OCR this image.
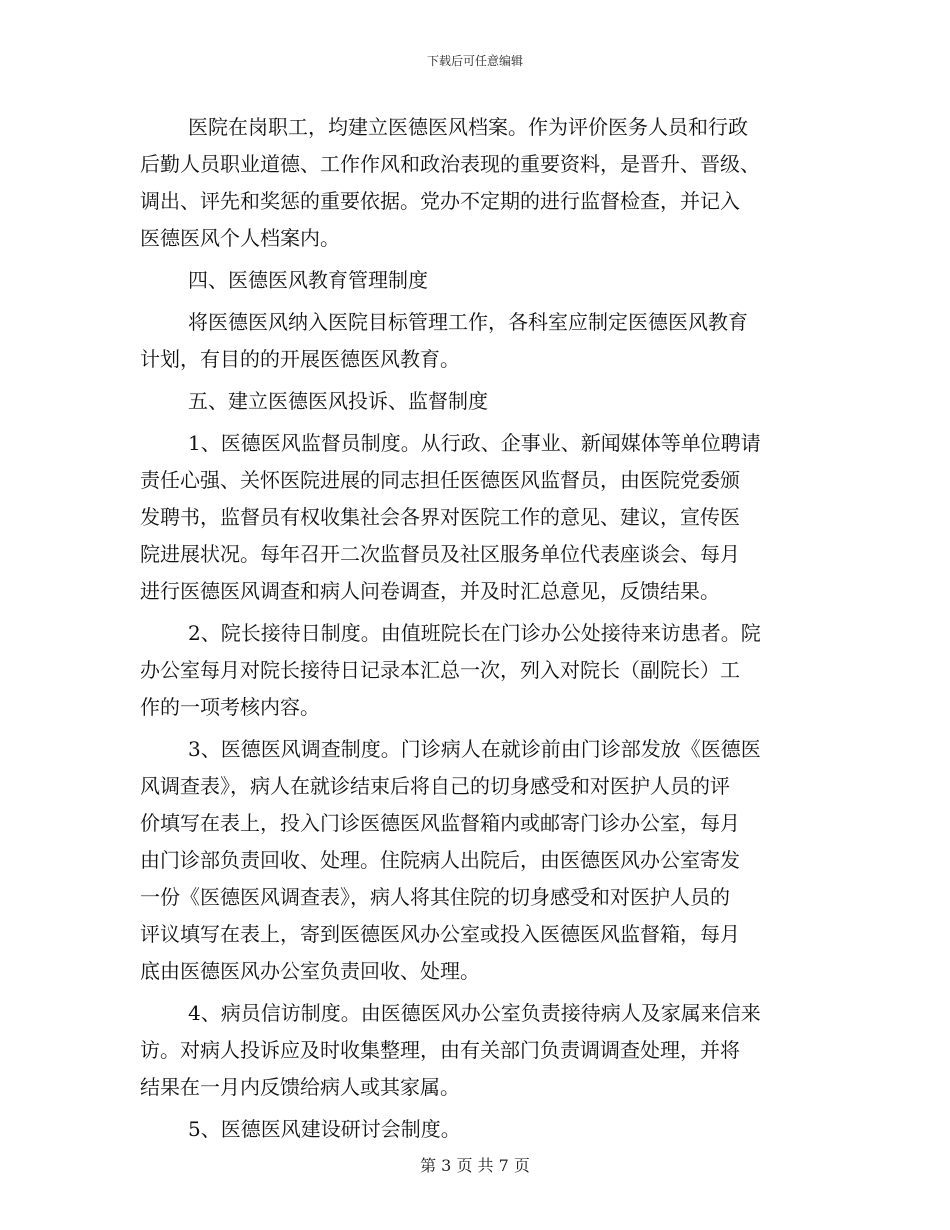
下载后可任意编辑
医院在岗职工，均建立医德医风档案。作为评价医务人员和行政
后勤人员职业道德、工作作风和政治表现的重要资料，是晋升、晋级、
调出、评先和奖惩的重要依据。党办不定期的进行监督检查，并记入
医德医风个人档案内。
四、医德医风教育管理制度
将医德医风纳入医院目标管理工作，各科室应制定医德医风教育
计划，有目的的开展医德医风教育。
五、建立医德医风投诉、监督制度
1、医德医风监督员制度。从行政、企事业、新闻媒体等单位聘请
责任心强、关怀医院进展的同志担任医德医风监督员，由医院党委颁
发聘书，监督员有权收集社会各界对医院工作的意见、建议，宣传医
院进展状况。每年召开二次监督员及社区服务单位代表座谈会、每月
进行医德医风调查和病人问卷调查，并及时汇总意见，反馈结果。
2、院长接待日制度。由值班院长在门诊办公处接待来访患者。院
办公室每月对院长接待日记录本汇总一次，列入对院长（副院长）工
作的一项考核内容。
3、医德医风调查制度。门诊病人在就诊前由门诊部发放《医德医
风调查表》，病人在就诊结束后将自己的切身感受和对医护人员的评
价填写在表上，投入门诊医德医风监督箱内或邮寄门诊办公室，每月
由门诊部负责回收、处理。住院病人出院后，由医德医风办公室寄发
一份《医德医风调查表》，病人将其住院的切身感受和对医护人员的
评议填写在表上，寄到医德医风办公室或投入医德医风监督箱，每月
底由医德医风办公室负责回收、处理。
4、病员信访制度。由医德医风办公室负责接待病人及家属来信来
访。对病人投诉应及时收集整理，由有关部门负责调调查处理，并将
结果在一月内反馈给病人或其家属。
5、医德医风建设研讨会制度。
第 3 页 共 7 页
